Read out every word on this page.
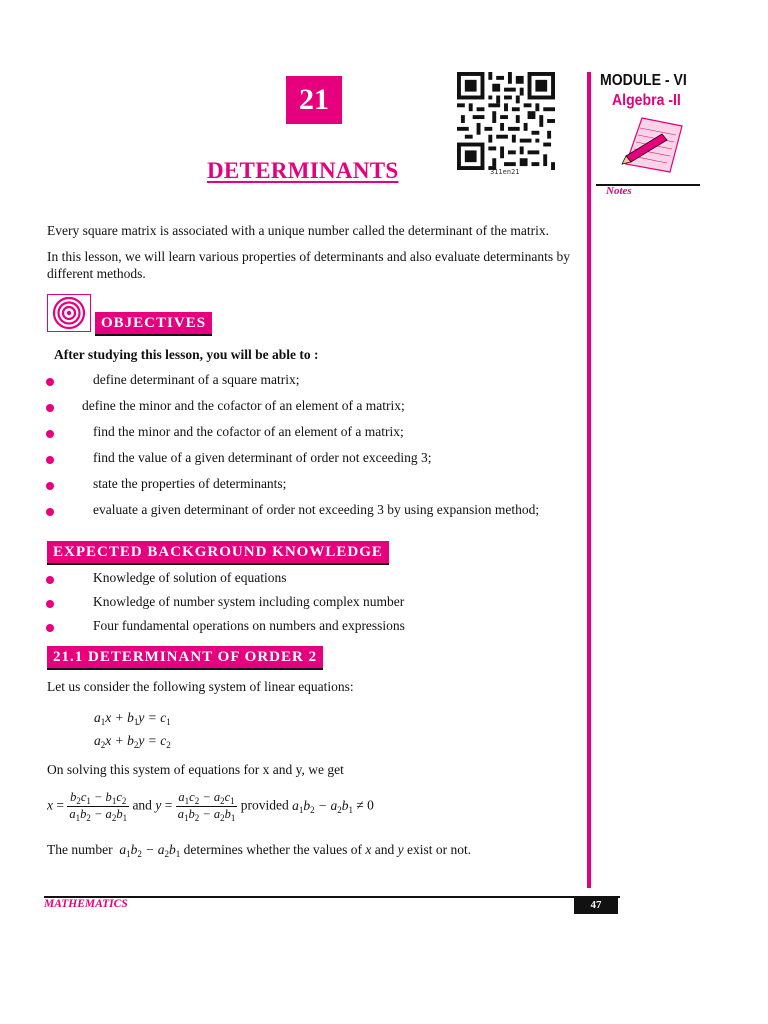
21
311en21
DETERMINANTS
MODULE - VI
Algebra -II
Notes
Every square matrix is associated with a unique number called the determinant of the matrix.
In this lesson, we will learn various properties of determinants and also evaluate determinants by different methods.
OBJECTIVES
After studying this lesson, you will be able to :
define determinant of a square matrix;
define the minor and the cofactor of an element of a matrix;
find the minor and the cofactor of an element of a matrix;
find the value of a given determinant of order not exceeding 3;
state the properties of determinants;
evaluate a given determinant of order not exceeding 3 by using expansion method;
EXPECTED BACKGROUND KNOWLEDGE
Knowledge of solution of equations
Knowledge of number system including complex number
Four fundamental operations on numbers and expressions
21.1 DETERMINANT OF ORDER 2
Let us consider the following system of linear equations:
$a_1x + b_1y = c_1$
$a_2x + b_2y = c_2$
On solving this system of equations for x and y, we get
$x = \frac{b_2c_1 - b_1c_2}{a_1b_2 - a_2b_1}$ and $y = \frac{a_1c_2 - a_2c_1}{a_1b_2 - a_2b_1}$ provided $a_1b_2 - a_2b_1 \ne 0$
The number $a_1b_2 - a_2b_1$ determines whether the values of x and y exist or not.
MATHEMATICS	47
